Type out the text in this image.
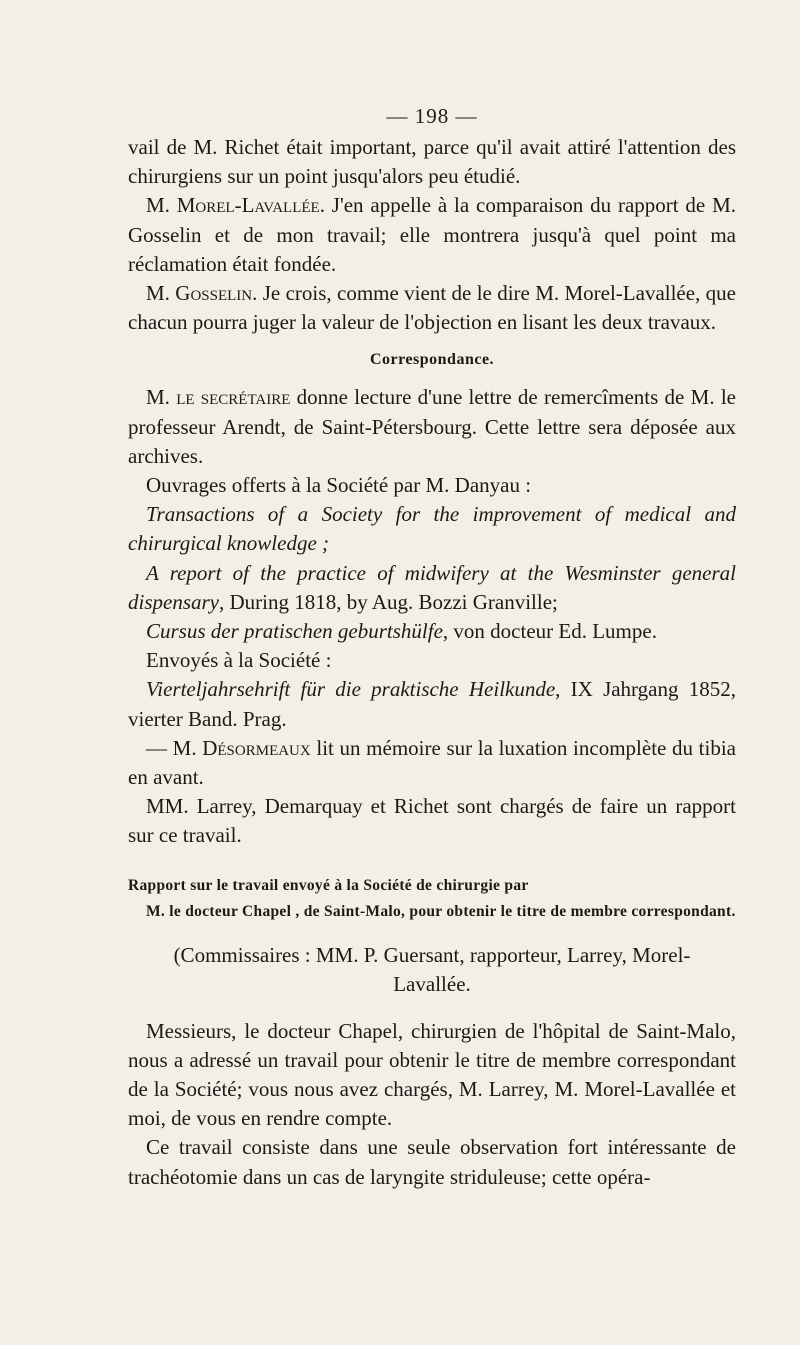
— 198 —

vail de M. Richet était important, parce qu'il avait attiré l'attention des chirurgiens sur un point jusqu'alors peu étudié.

M. Morel-Lavallée. J'en appelle à la comparaison du rapport de M. Gosselin et de mon travail; elle montrera jusqu'à quel point ma réclamation était fondée.

M. Gosselin. Je crois, comme vient de le dire M. Morel-Lavallée, que chacun pourra juger la valeur de l'objection en lisant les deux travaux.

Correspondance.

M. le secrétaire donne lecture d'une lettre de remercîments de M. le professeur Arendt, de Saint-Pétersbourg. Cette lettre sera déposée aux archives.

Ouvrages offerts à la Société par M. Danyau :

Transactions of a Society for the improvement of medical and chirurgical knowledge ;

A report of the practice of midwifery at the Wesminster general dispensary, During 1818, by Aug. Bozzi Granville;

Cursus der pratischen geburtshülfe, von docteur Ed. Lumpe.

Envoyés à la Société :

Vierteljahrsehrift für die praktische Heilkunde, IX Jahrgang 1852, vierter Band. Prag.

— M. Désormeaux lit un mémoire sur la luxation incomplète du tibia en avant.

MM. Larrey, Demarquay et Richet sont chargés de faire un rapport sur ce travail.

Rapport sur le travail envoyé à la Société de chirurgie par
M. le docteur Chapel , de Saint-Malo, pour obtenir le titre de membre correspondant.
(Commissaires : MM. P. Guersant, rapporteur, Larrey, Morel-
Lavallée.

Messieurs, le docteur Chapel, chirurgien de l'hôpital de Saint-Malo, nous a adressé un travail pour obtenir le titre de membre correspondant de la Société; vous nous avez chargés, M. Larrey, M. Morel-Lavallée et moi, de vous en rendre compte.

Ce travail consiste dans une seule observation fort intéressante de trachéotomie dans un cas de laryngite striduleuse; cette opéra-
